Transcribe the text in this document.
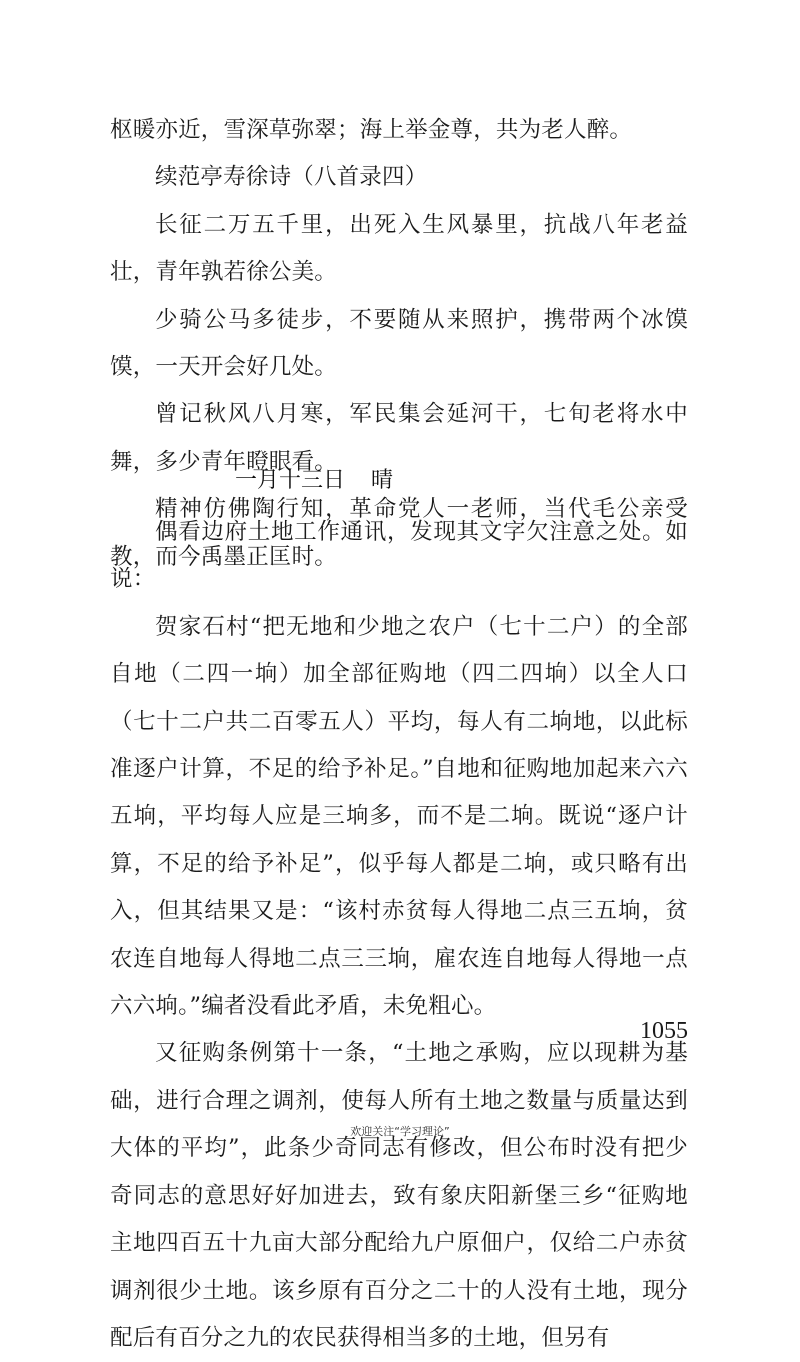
枢暖亦近，雪深草弥翠；海上举金尊，共为老人醉。

续范亭寿徐诗（八首录四）

长征二万五千里，出死入生风暴里，抗战八年老益壮，青年孰若徐公美。

少骑公马多徒步，不要随从来照护，携带两个冰馍馍，一天开会好几处。

曾记秋风八月寒，军民集会延河干，七旬老将水中舞，多少青年瞪眼看。

精神仿佛陶行知，革命党人一老师，当代毛公亲受教，而今禹墨正匡时。

一月十三日 晴

偶看边府土地工作通讯，发现其文字欠注意之处。如说：

贺家石村“把无地和少地之农户（七十二户）的全部自地（二四一垧）加全部征购地（四二四垧）以全人口（七十二户共二百零五人）平均，每人有二垧地，以此标准逐户计算，不足的给予补足。”自地和征购地加起来六六五垧，平均每人应是三垧多，而不是二垧。既说“逐户计算，不足的给予补足”，似乎每人都是二垧，或只略有出入，但其结果又是：“该村赤贫每人得地二点三五垧，贫农连自地每人得地二点三三垧，雇农连自地每人得地一点六六垧。”编者没看此矛盾，未免粗心。

又征购条例第十一条，“土地之承购，应以现耕为基础，进行合理之调剂，使每人所有土地之数量与质量达到大体的平均”，此条少奇同志有修改，但公布时没有把少奇同志的意思好好加进去，致有象庆阳新堡三乡“征购地主地四百五十九亩大部分配给九户原佃户，仅给二户赤贫调剂很少土地。该乡原有百分之二十的人没有土地，现分配后有百分之九的农民获得相当多的土地，但另有

1055
欢迎关注“学习理论”
